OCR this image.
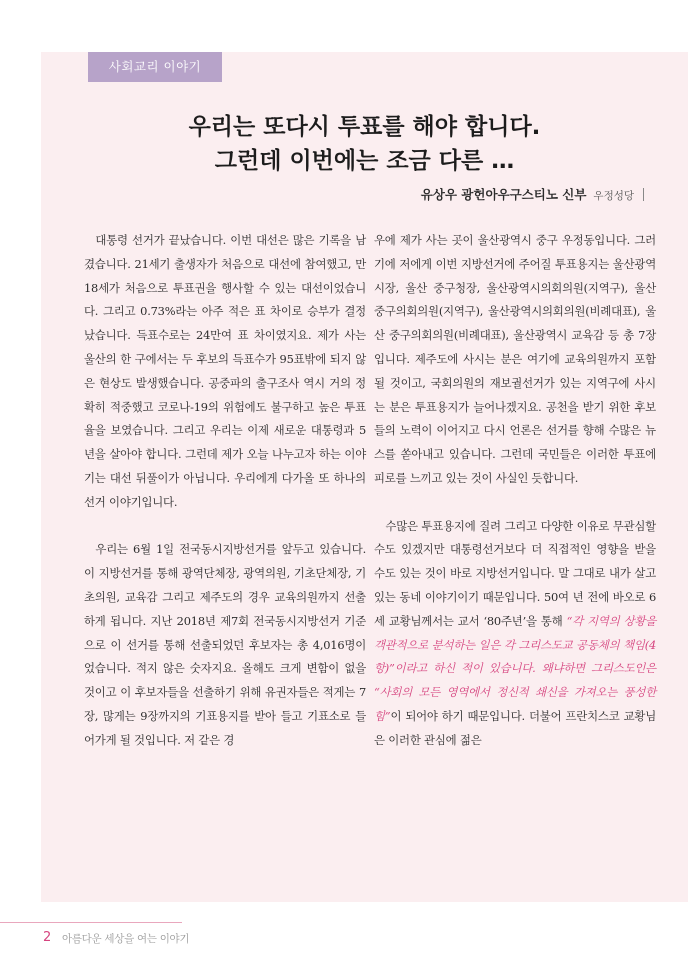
사회교리 이야기
우리는 또다시 투표를 해야 합니다.
그런데 이번에는 조금 다른 …
유상우 광헌아우구스티노 신부 우정성당

대통령 선거가 끝났습니다. 이번 대선은 많은 기록을 남겼습니다. 21세기 출생자가 처음으로 대선에 참여했고, 만 18세가 처음으로 투표권을 행사할 수 있는 대선이었습니다. 그리고 0.73%라는 아주 적은 표 차이로 승부가 결정났습니다. 득표수로는 24만여 표 차이였지요. 제가 사는 울산의 한 구에서는 두 후보의 득표수가 95표밖에 되지 않은 현상도 발생했습니다. 공중파의 출구조사 역시 거의 정확히 적중했고 코로나-19의 위험에도 불구하고 높은 투표율을 보였습니다. 그리고 우리는 이제 새로운 대통령과 5년을 살아야 합니다. 그런데 제가 오늘 나누고자 하는 이야기는 대선 뒤풀이가 아닙니다. 우리에게 다가올 또 하나의 선거 이야기입니다.

우리는 6월 1일 전국동시지방선거를 앞두고 있습니다. 이 지방선거를 통해 광역단체장, 광역의원, 기초단체장, 기초의원, 교육감 그리고 제주도의 경우 교육의원까지 선출하게 됩니다. 지난 2018년 제7회 전국동시지방선거 기준으로 이 선거를 통해 선출되었던 후보자는 총 4,016명이었습니다. 적지 않은 숫자지요. 올해도 크게 변함이 없을 것이고 이 후보자들을 선출하기 위해 유권자들은 적게는 7장, 많게는 9장까지의 기표용지를 받아 들고 기표소로 들어가게 될 것입니다. 저 같은 경

우에 제가 사는 곳이 울산광역시 중구 우정동입니다. 그러기에 저에게 이번 지방선거에 주어질 투표용지는 울산광역시장, 울산 중구청장, 울산광역시의회의원(지역구), 울산 중구의회의원(지역구), 울산광역시의회의원(비례대표), 울산 중구의회의원(비례대표), 울산광역시 교육감 등 총 7장입니다. 제주도에 사시는 분은 여기에 교육의원까지 포함될 것이고, 국회의원의 재보궐선거가 있는 지역구에 사시는 분은 투표용지가 늘어나겠지요. 공천을 받기 위한 후보들의 노력이 이어지고 다시 언론은 선거를 향해 수많은 뉴스를 쏟아내고 있습니다. 그런데 국민들은 이러한 투표에 피로를 느끼고 있는 것이 사실인 듯합니다.

수많은 투표용지에 질려 그리고 다양한 이유로 무관심할 수도 있겠지만 대통령선거보다 더 직접적인 영향을 받을 수도 있는 것이 바로 지방선거입니다. 말 그대로 내가 살고 있는 동네 이야기이기 때문입니다. 50여 년 전에 바오로 6세 교황님께서는 교서 ‘80주년’을 통해 “각 지역의 상황을 객관적으로 분석하는 일은 각 그리스도교 공동체의 책임(4항)”이라고 하신 적이 있습니다. 왜냐하면 그리스도인은 “사회의 모든 영역에서 정신적 쇄신을 가져오는 풍성한 힘”이 되어야 하기 때문입니다. 더불어 프란치스코 교황님은 이러한 관심에 젊은

2 아름다운 세상을 여는 이야기
